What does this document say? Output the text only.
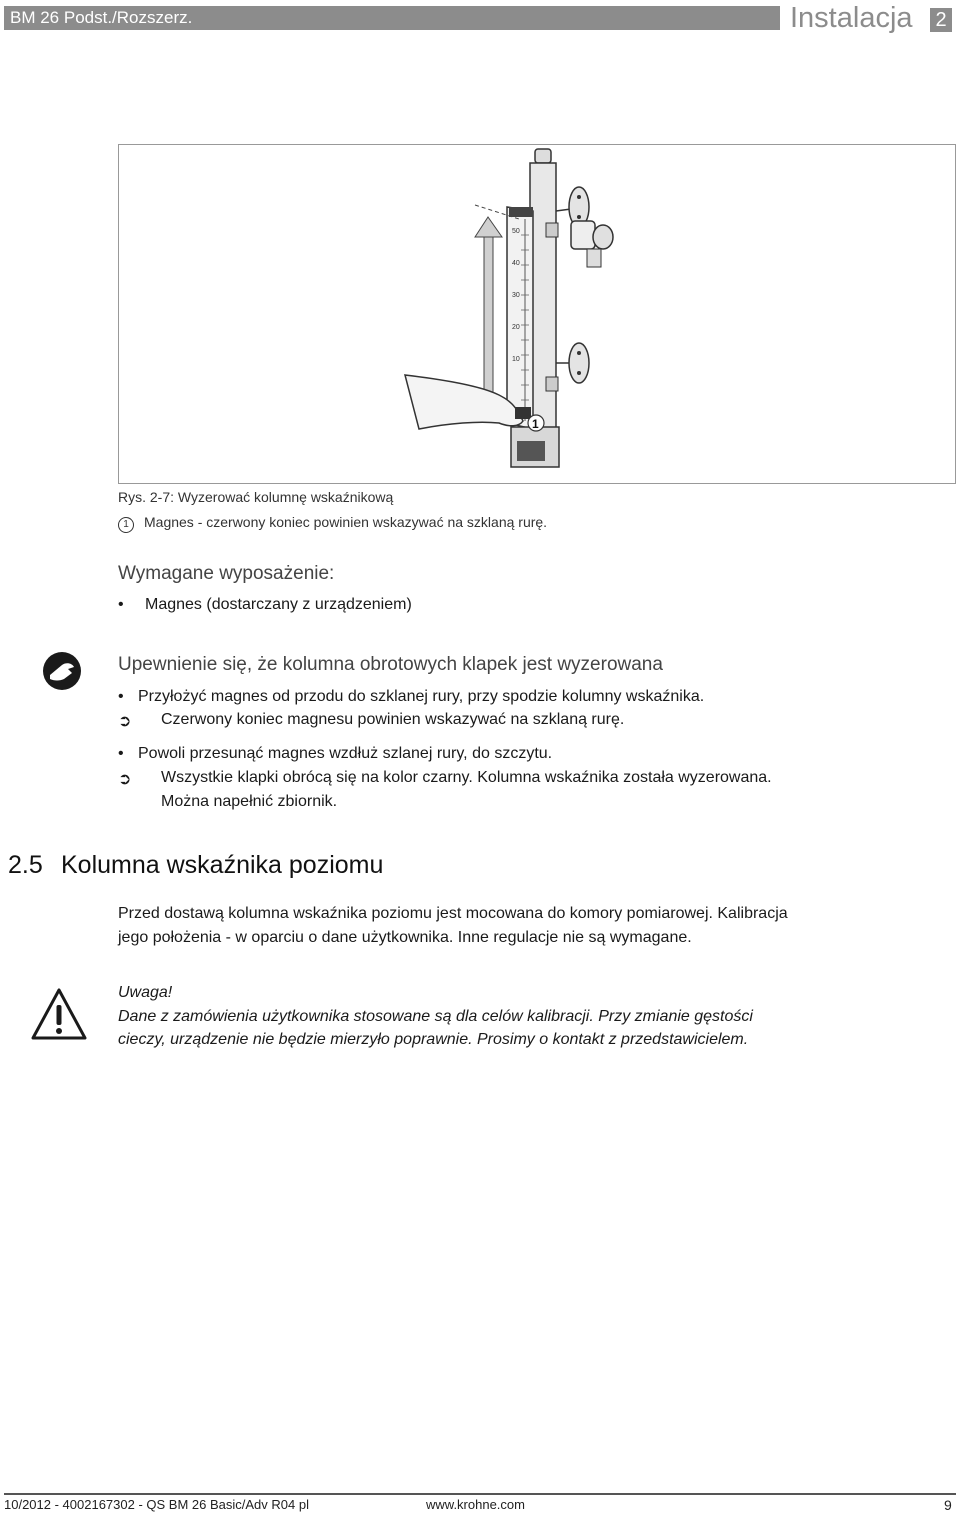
BM 26 Podst./Rozszerz.	Instalacja 2
50
40
30
20
10
1
Rys. 2-7: Wyzerować kolumnę wskaźnikową
1	Magnes - czerwony koniec powinien wskazywać na szklaną rurę.
Wymagane wyposażenie:
• Magnes (dostarczany z urządzeniem)
Upewnienie się, że kolumna obrotowych klapek jest wyzerowana
• Przyłożyć magnes od przodu do szklanej rury, przy spodzie kolumny wskaźnika.
➲ Czerwony koniec magnesu powinien wskazywać na szklaną rurę.
• Powoli przesunąć magnes wzdłuż szlanej rury, do szczytu.
➲ Wszystkie klapki obrócą się na kolor czarny. Kolumna wskaźnika została wyzerowana.
Można napełnić zbiornik.
2.5 Kolumna wskaźnika poziomu
Przed dostawą kolumna wskaźnika poziomu jest mocowana do komory pomiarowej. Kalibracja
jego położenia - w oparciu o dane użytkownika. Inne regulacje nie są wymagane.
Uwaga!
Dane z zamówienia użytkownika stosowane są dla celów kalibracji. Przy zmianie gęstości
cieczy, urządzenie nie będzie mierzyło poprawnie. Prosimy o kontakt z przedstawicielem.
10/2012 - 4002167302 - QS BM 26 Basic/Adv R04 pl	www.krohne.com	9
